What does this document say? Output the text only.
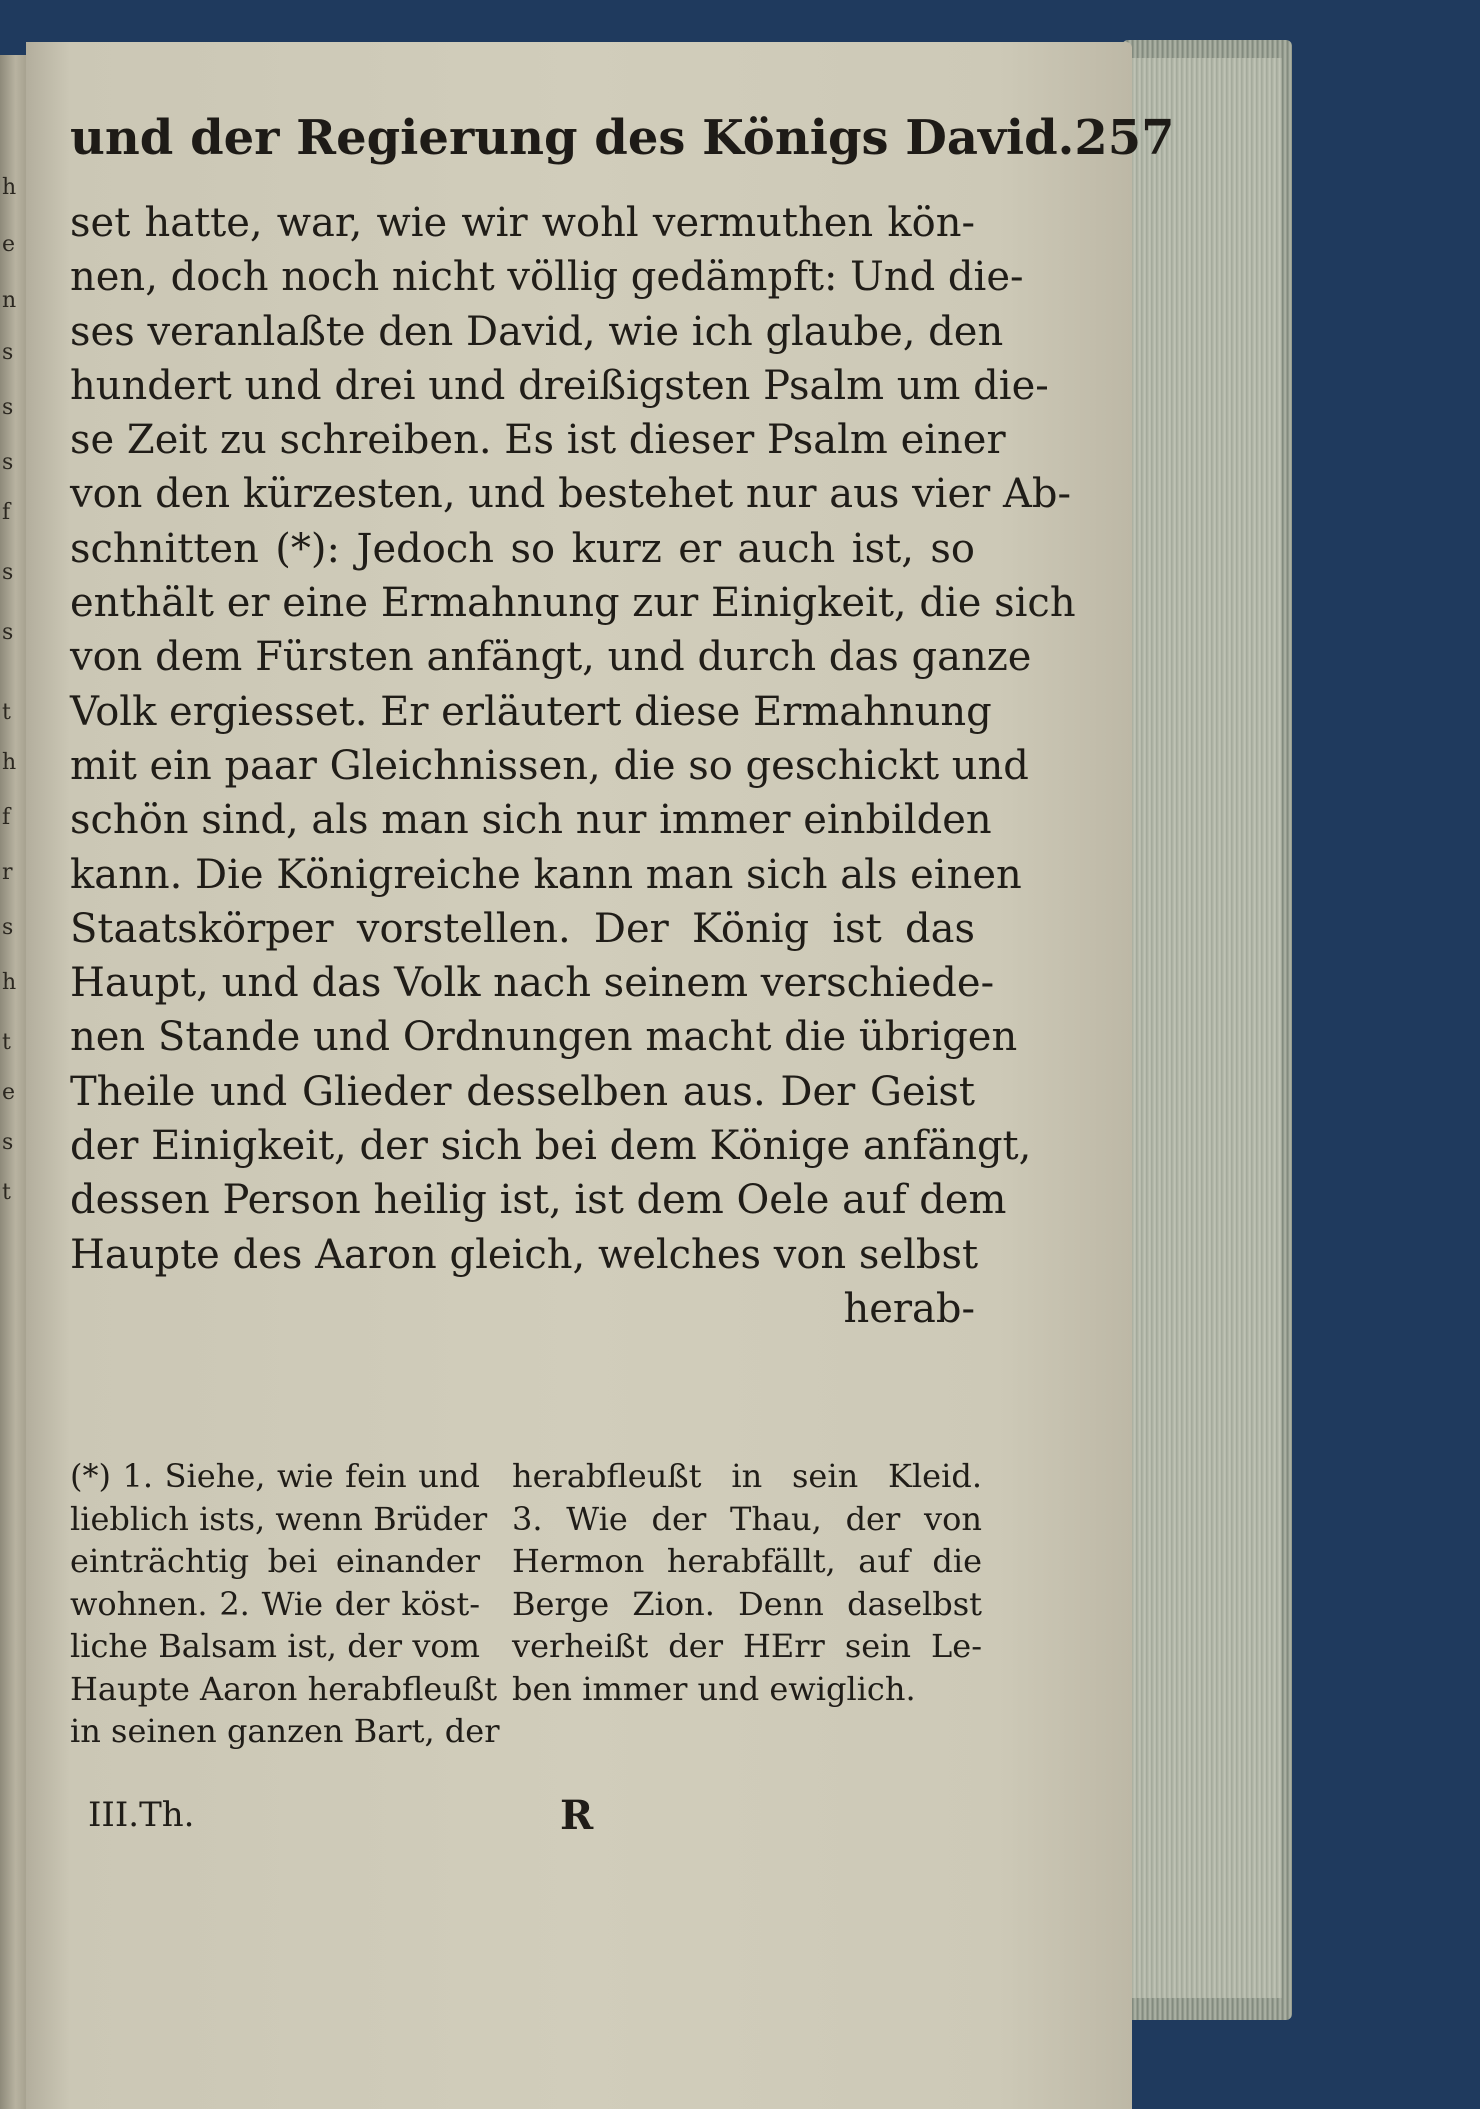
h
e
n
s
s
s
f
s
s
t
h
f
r
s
h
t
e
s
t
und der Regierung des Königs David. 257
set hatte, war, wie wir wohl vermuthen kön-
nen, doch noch nicht völlig gedämpft: Und die-
ses veranlaßte den David, wie ich glaube, den
hundert und drei und dreißigsten Psalm um die-
se Zeit zu schreiben. Es ist dieser Psalm einer
von den kürzesten, und bestehet nur aus vier Ab-
schnitten (*): Jedoch so kurz er auch ist, so
enthält er eine Ermahnung zur Einigkeit, die sich
von dem Fürsten anfängt, und durch das ganze
Volk ergiesset. Er erläutert diese Ermahnung
mit ein paar Gleichnissen, die so geschickt und
schön sind, als man sich nur immer einbilden
kann. Die Königreiche kann man sich als einen
Staatskörper vorstellen. Der König ist das
Haupt, und das Volk nach seinem verschiede-
nen Stande und Ordnungen macht die übrigen
Theile und Glieder desselben aus. Der Geist
der Einigkeit, der sich bei dem Könige anfängt,
dessen Person heilig ist, ist dem Oele auf dem
Haupte des Aaron gleich, welches von selbst
herab-
(*) 1. Siehe, wie fein und
lieblich ists, wenn Brüder
einträchtig bei einander
wohnen. 2. Wie der köst-
liche Balsam ist, der vom
Haupte Aaron herabfleußt
in seinen ganzen Bart, der
herabfleußt in sein Kleid.
3. Wie der Thau, der von
Hermon herabfällt, auf die
Berge Zion. Denn daselbst
verheißt der HErr sein Le-
ben immer und ewiglich.
III.Th.	R
